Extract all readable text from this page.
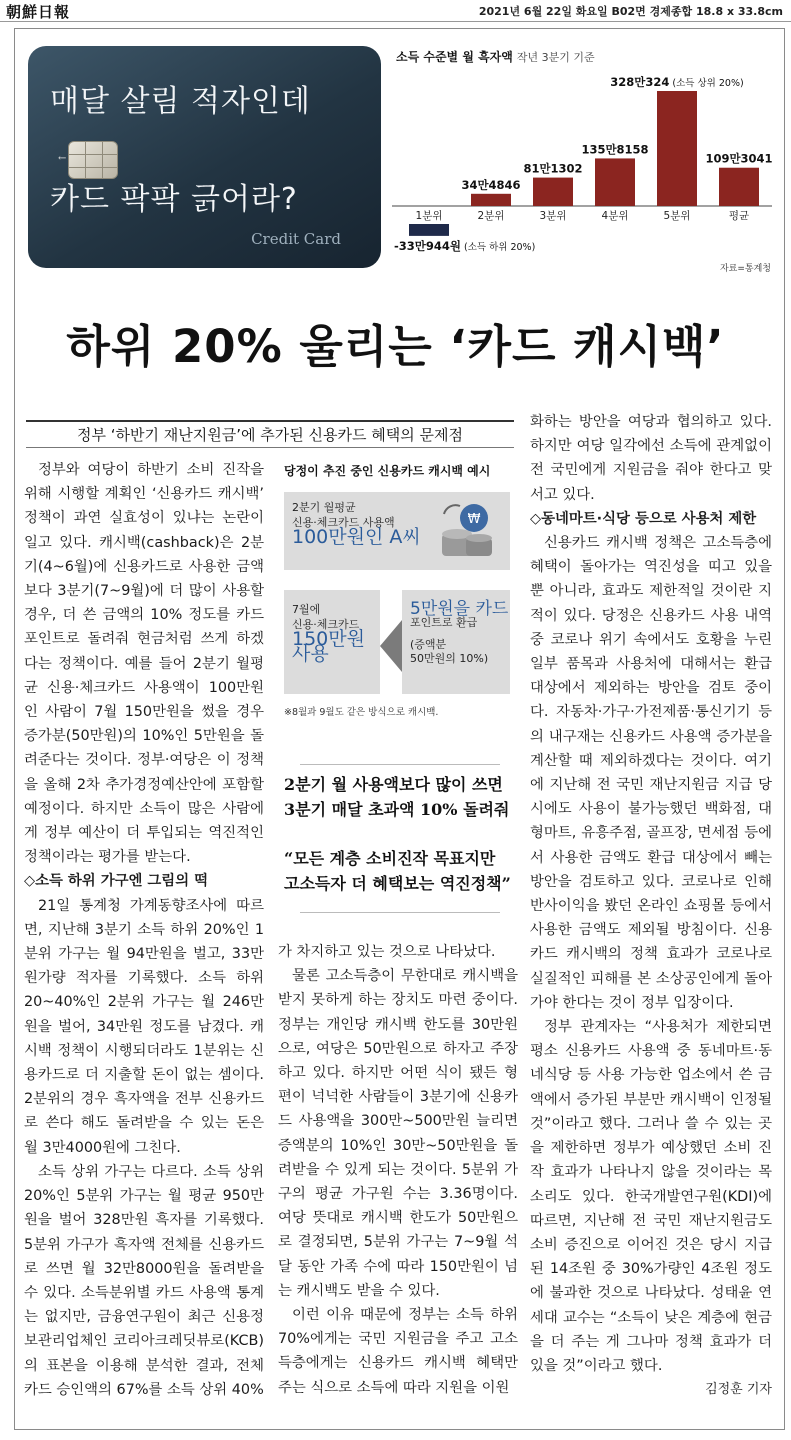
朝鮮日報	2021년 6월 22일 화요일 B02면 경제종합 18.8 x 33.8cm
매달 살림 적자인데
←
카드 팍팍 긁어라?
Credit Card
소득 수준별 월 흑자액 작년 3분기 기준
1분위
-33만944원 (소득 하위 20%)
2분위
34만4846
3분위
81만1302
4분위
135만8158
5분위
328만324 (소득 상위 20%)
평균
109만3041
자료=통계청
하위 20% 울리는 ‘카드 캐시백’
정부 ‘하반기 재난지원금’에 추가된 신용카드 혜택의 문제점

정부와 여당이 하반기 소비 진작을 위해 시행할 계획인 ‘신용카드 캐시백’ 정책이 과연 실효성이 있냐는 논란이 일고 있다. 캐시백(cashback)은 2분기(4~6월)에 신용카드로 사용한 금액보다 3분기(7~9월)에 더 많이 사용할 경우, 더 쓴 금액의 10% 정도를 카드 포인트로 돌려줘 현금처럼 쓰게 하겠다는 정책이다. 예를 들어 2분기 월평균 신용·체크카드 사용액이 100만원인 사람이 7월 150만원을 썼을 경우 증가분(50만원)의 10%인 5만원을 돌려준다는 것이다. 정부·여당은 이 정책을 올해 2차 추가경정예산안에 포함할 예정이다. 하지만 소득이 많은 사람에게 정부 예산이 더 투입되는 역진적인 정책이라는 평가를 받는다.

◇소득 하위 가구엔 그림의 떡

21일 통계청 가계동향조사에 따르면, 지난해 3분기 소득 하위 20%인 1분위 가구는 월 94만원을 벌고, 33만원가량 적자를 기록했다. 소득 하위 20~40%인 2분위 가구는 월 246만원을 벌어, 34만원 정도를 남겼다. 캐시백 정책이 시행되더라도 1분위는 신용카드로 더 지출할 돈이 없는 셈이다. 2분위의 경우 흑자액을 전부 신용카드로 쓴다 해도 돌려받을 수 있는 돈은 월 3만4000원에 그친다.

소득 상위 가구는 다르다. 소득 상위 20%인 5분위 가구는 월 평균 950만원을 벌어 328만원 흑자를 기록했다. 5분위 가구가 흑자액 전체를 신용카드로 쓰면 월 32만8000원을 돌려받을 수 있다. 소득분위별 카드 사용액 통계는 없지만, 금융연구원이 최근 신용정보관리업체인 코리아크레딧뷰로(KCB)의 표본을 이용해 분석한 결과, 전체 카드 승인액의 67%를 소득 상위 40%

당정이 추진 중인 신용카드 캐시백 예시
2분기 월평균
신용·체크카드 사용액
100만원인 A씨
₩
7월에
신용·체크카드
150만원 사용
5만원을 카드
포인트로 환급
(증액분
50만원의 10%)
※8월과 9월도 같은 방식으로 캐시백.
2분기 월 사용액보다 많이 쓰면 3분기 매달 초과액 10% 돌려줘
“모든 계층 소비진작 목표지만 고소득자 더 혜택보는 역진정책”

가 차지하고 있는 것으로 나타났다.

물론 고소득층이 무한대로 캐시백을 받지 못하게 하는 장치도 마련 중이다. 정부는 개인당 캐시백 한도를 30만원으로, 여당은 50만원으로 하자고 주장하고 있다. 하지만 어떤 식이 됐든 형편이 넉넉한 사람들이 3분기에 신용카드 사용액을 300만~500만원 늘리면 증액분의 10%인 30만~50만원을 돌려받을 수 있게 되는 것이다. 5분위 가구의 평균 가구원 수는 3.36명이다. 여당 뜻대로 캐시백 한도가 50만원으로 결정되면, 5분위 가구는 7~9월 석 달 동안 가족 수에 따라 150만원이 넘는 캐시백도 받을 수 있다.

이런 이유 때문에 정부는 소득 하위 70%에게는 국민 지원금을 주고 고소득층에게는 신용카드 캐시백 혜택만 주는 식으로 소득에 따라 지원을 이원

화하는 방안을 여당과 협의하고 있다. 하지만 여당 일각에선 소득에 관계없이 전 국민에게 지원금을 줘야 한다고 맞서고 있다.

◇동네마트·식당 등으로 사용처 제한

신용카드 캐시백 정책은 고소득층에 혜택이 돌아가는 역진성을 띠고 있을 뿐 아니라, 효과도 제한적일 것이란 지적이 있다. 당정은 신용카드 사용 내역 중 코로나 위기 속에서도 호황을 누린 일부 품목과 사용처에 대해서는 환급 대상에서 제외하는 방안을 검토 중이다. 자동차·가구·가전제품·통신기기 등의 내구재는 신용카드 사용액 증가분을 계산할 때 제외하겠다는 것이다. 여기에 지난해 전 국민 재난지원금 지급 당시에도 사용이 불가능했던 백화점, 대형마트, 유흥주점, 골프장, 면세점 등에서 사용한 금액도 환급 대상에서 빼는 방안을 검토하고 있다. 코로나로 인해 반사이익을 봤던 온라인 쇼핑몰 등에서 사용한 금액도 제외될 방침이다. 신용카드 캐시백의 정책 효과가 코로나로 실질적인 피해를 본 소상공인에게 돌아가야 한다는 것이 정부 입장이다.

정부 관계자는 “사용처가 제한되면 평소 신용카드 사용액 중 동네마트·동네식당 등 사용 가능한 업소에서 쓴 금액에서 증가된 부분만 캐시백이 인정될 것”이라고 했다. 그러나 쓸 수 있는 곳을 제한하면 정부가 예상했던 소비 진작 효과가 나타나지 않을 것이라는 목소리도 있다. 한국개발연구원(KDI)에 따르면, 지난해 전 국민 재난지원금도 소비 증진으로 이어진 것은 당시 지급된 14조원 중 30%가량인 4조원 정도에 불과한 것으로 나타났다. 성태윤 연세대 교수는 “소득이 낮은 계층에 현금을 더 주는 게 그나마 정책 효과가 더 있을 것”이라고 했다.

김정훈 기자
